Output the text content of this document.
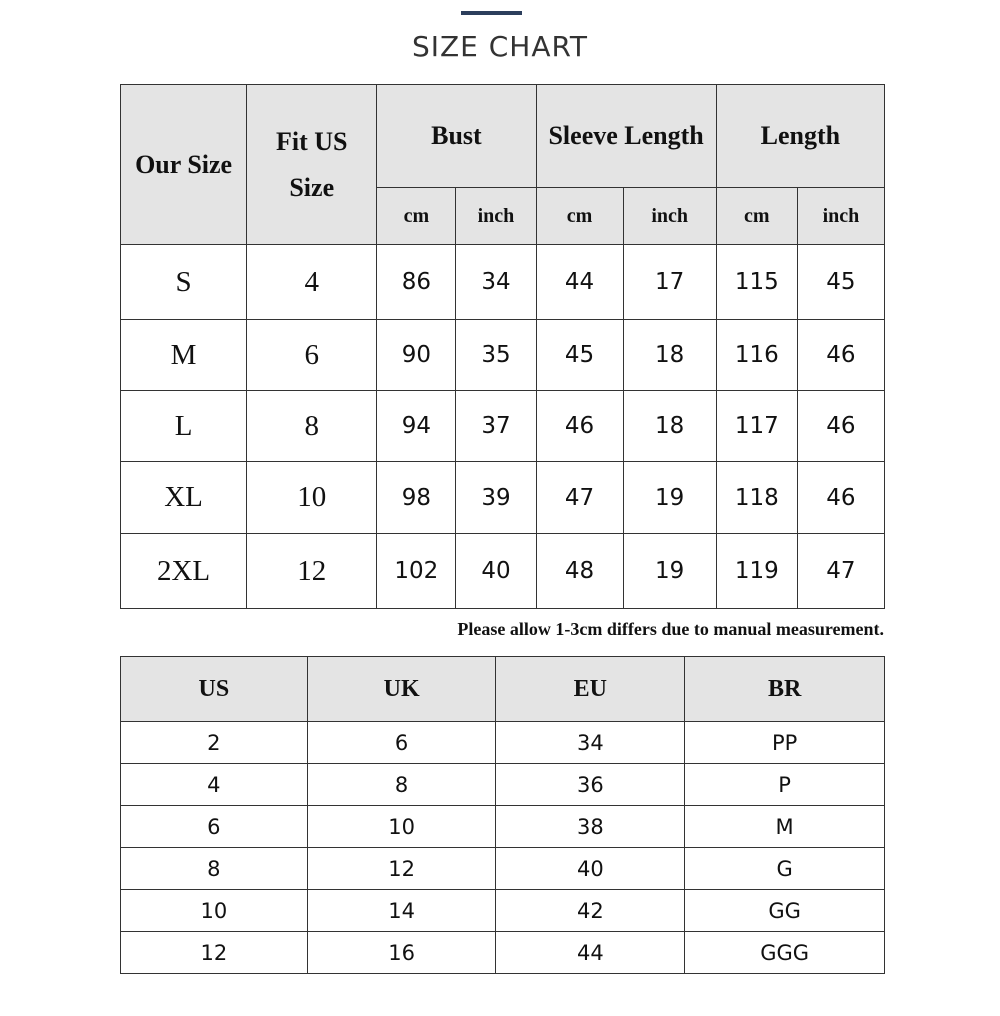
SIZE CHART
Our Size	Fit US Size	Bust		Sleeve Length		Length	
		cm	inch	cm	inch	cm	inch
S	4	86	34	44	17	115	45
M	6	90	35	45	18	116	46
L	8	94	37	46	18	117	46
XL	10	98	39	47	19	118	46
2XL	12	102	40	48	19	119	47
Please allow 1-3cm differs due to manual measurement.
US	UK	EU	BR
2	6	34	PP
4	8	36	P
6	10	38	M
8	12	40	G
10	14	42	GG
12	16	44	GGG
